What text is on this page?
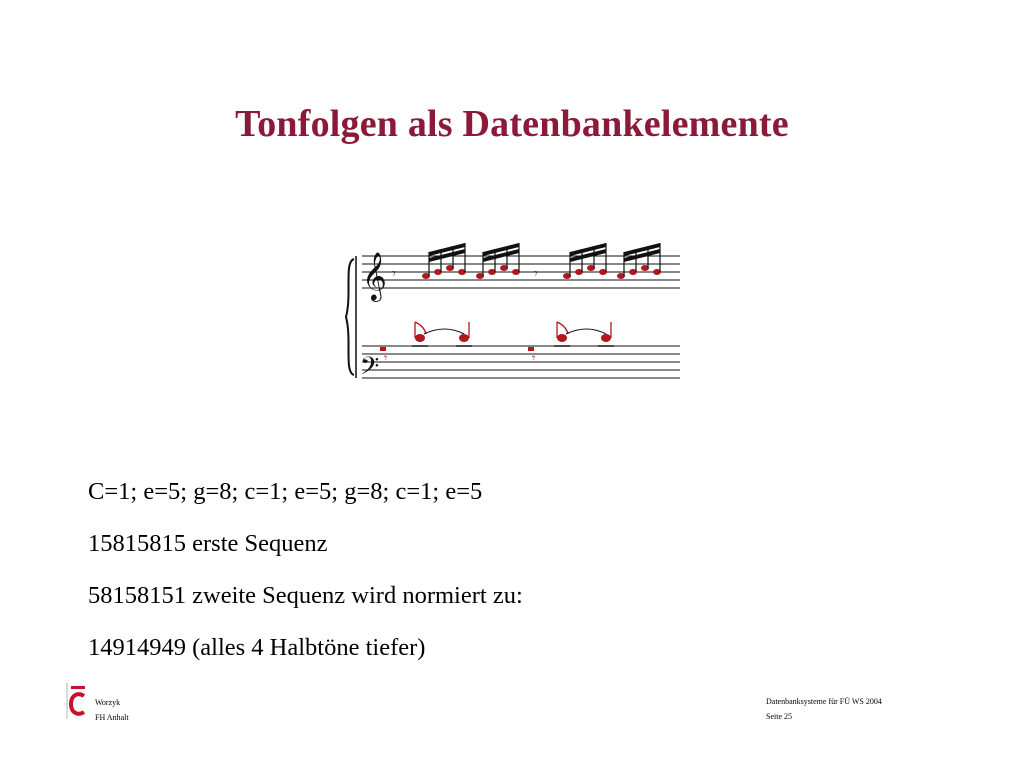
Tonfolgen als Datenbankelemente
𝄞
𝄢
𝄾	𝄾
𝄾	𝄾
C=1; e=5; g=8; c=1; e=5; g=8; c=1; e=5
15815815 erste Sequenz
58158151 zweite Sequenz wird normiert zu:
14914949 (alles 4 Halbtöne tiefer)
Worzyk
FH Anhalt
Datenbanksysteme für FÜ WS 2004
Seite 25
